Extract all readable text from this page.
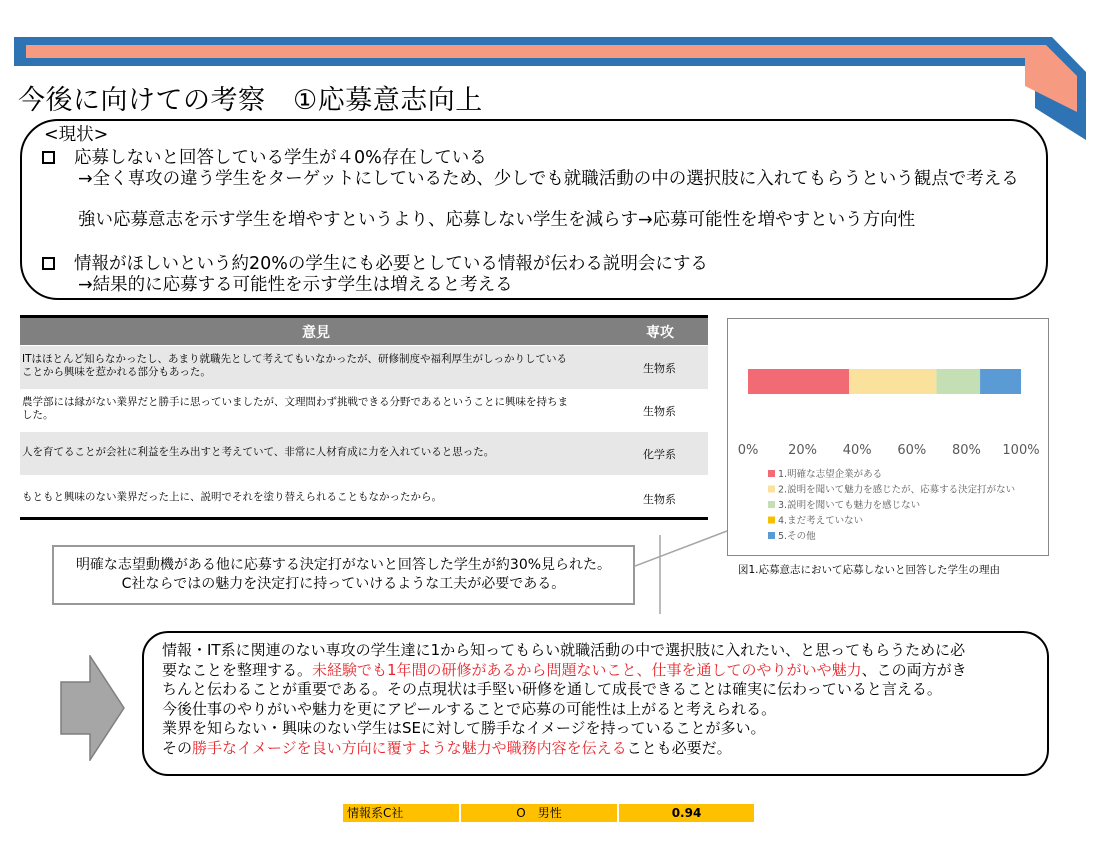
今後に向けての考察　①応募意志向上
<現状>
応募しないと回答している学生が４0%存在している
→全く専攻の違う学生をターゲットにしているため、少しでも就職活動の中の選択肢に入れてもらうという観点で考える
強い応募意志を示す学生を増やすというより、応募しない学生を減らす→応募可能性を増やすという方向性
情報がほしいという約20%の学生にも必要としている情報が伝わる説明会にする
→結果的に応募する可能性を示す学生は増えると考える
意見	専攻
ITはほとんど知らなかったし、あまり就職先として考えてもいなかったが、研修制度や福利厚生がしっかりしている
ことから興味を惹かれる部分もあった。	生物系
農学部には縁がない業界だと勝手に思っていましたが、文理問わず挑戦できる分野であるということに興味を持ちま
した。	生物系
人を育てることが会社に利益を生み出すと考えていて、非常に人材育成に力を入れていると思った。	化学系
もともと興味のない業界だった上に、説明でそれを塗り替えられることもなかったから。	生物系
0% 20% 40% 60% 80% 100%
1.明確な志望企業がある
2.説明を聞いて魅力を感じたが、応募する決定打がない
3.説明を聞いても魅力を感じない
4.まだ考えていない
5.その他
図1.応募意志において応募しないと回答した学生の理由
明確な志望動機がある他に応募する決定打がないと回答した学生が約30%見られた。
C社ならではの魅力を決定打に持っていけるような工夫が必要である。

情報・IT系に関連のない専攻の学生達に1から知ってもらい就職活動の中で選択肢に入れたい、と思ってもらうために必

要なことを整理する。未経験でも1年間の研修があるから問題ないこと、仕事を通してのやりがいや魅力、この両方がき

ちんと伝わることが重要である。その点現状は手堅い研修を通して成長できることは確実に伝わっていると言える。

今後仕事のやりがいや魅力を更にアピールすることで応募の可能性は上がると考えられる。

業界を知らない・興味のない学生はSEに対して勝手なイメージを持っていることが多い。

その勝手なイメージを良い方向に覆すような魅力や職務内容を伝えることも必要だ。

情報系C社	O　男性	0.94
